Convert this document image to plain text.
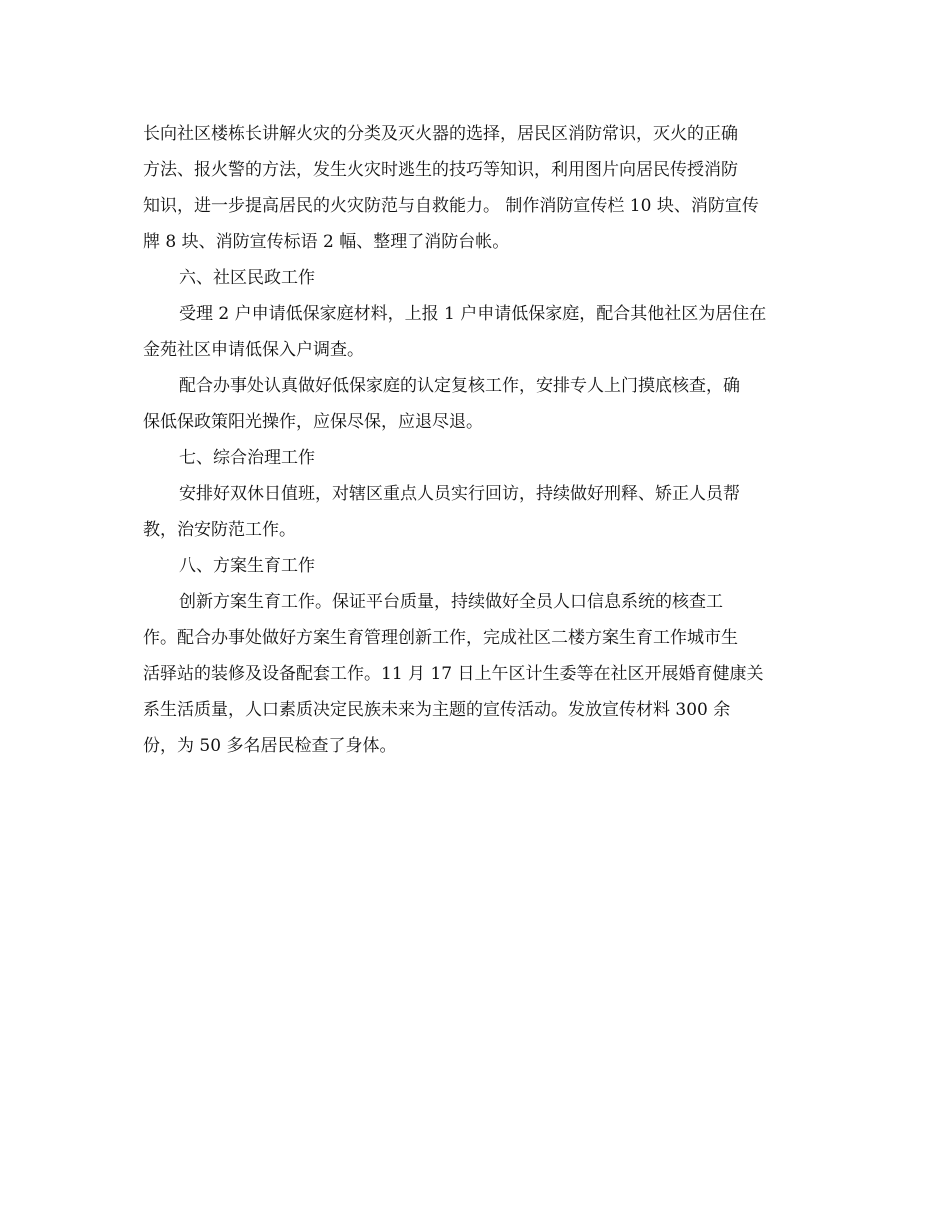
长向社区楼栋长讲解火灾的分类及灭火器的选择，居民区消防常识，灭火的正确
方法、报火警的方法，发生火灾时逃生的技巧等知识，利用图片向居民传授消防
知识，进一步提高居民的火灾防范与自救能力。 制作消防宣传栏 10 块、消防宣传
牌 8 块、消防宣传标语 2 幅、整理了消防台帐。
六、社区民政工作
受理 2 户申请低保家庭材料，上报 1 户申请低保家庭，配合其他社区为居住在
金苑社区申请低保入户调查。
配合办事处认真做好低保家庭的认定复核工作，安排专人上门摸底核查，确
保低保政策阳光操作，应保尽保，应退尽退。
七、综合治理工作
安排好双休日值班，对辖区重点人员实行回访，持续做好刑释、矫正人员帮
教，治安防范工作。
八、方案生育工作
创新方案生育工作。保证平台质量，持续做好全员人口信息系统的核查工
作。配合办事处做好方案生育管理创新工作，完成社区二楼方案生育工作城市生
活驿站的装修及设备配套工作。11 月 17 日上午区计生委等在社区开展婚育健康关
系生活质量，人口素质决定民族未来为主题的宣传活动。发放宣传材料 300 余
份，为 50 多名居民检查了身体。
